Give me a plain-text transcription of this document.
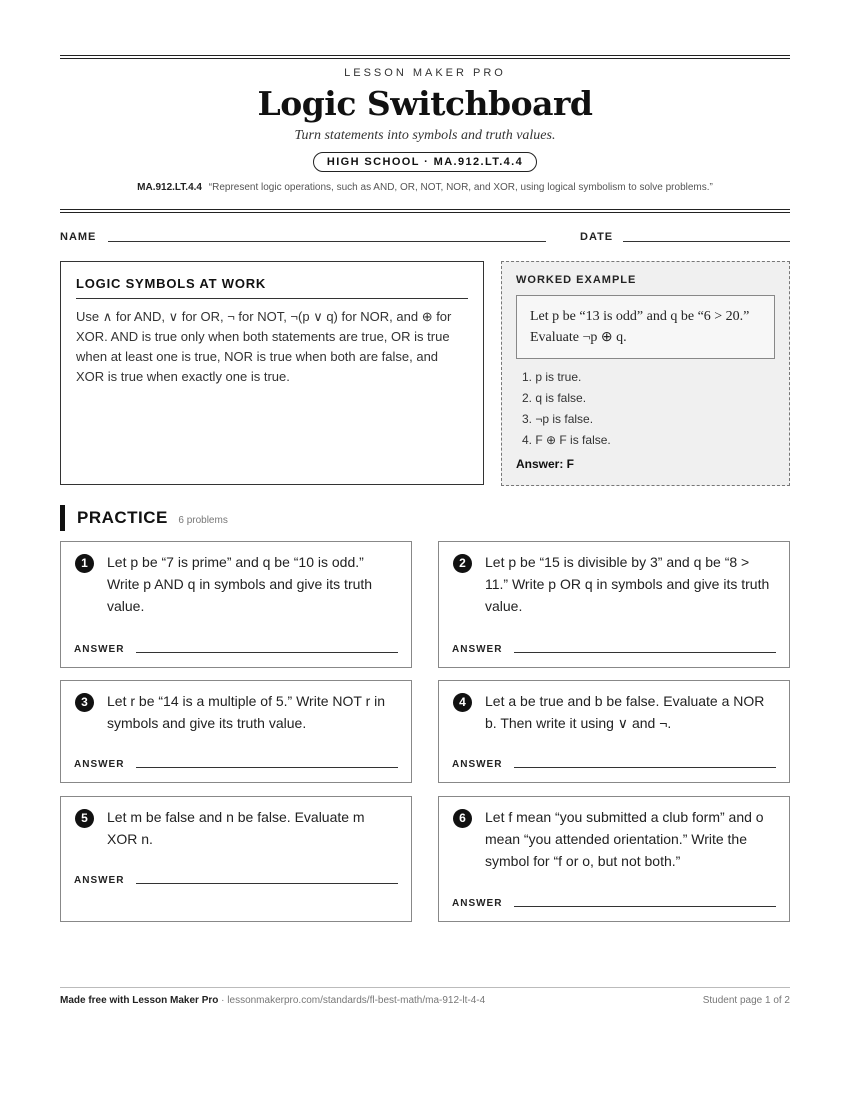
LESSON MAKER PRO
Logic Switchboard
Turn statements into symbols and truth values.
HIGH SCHOOL · MA.912.LT.4.4
MA.912.LT.4.4 “Represent logic operations, such as AND, OR, NOT, NOR, and XOR, using logical symbolism to solve problems.”
NAME	DATE
LOGIC SYMBOLS AT WORK

Use ∧ for AND, ∨ for OR, ¬ for NOT, ¬(p ∨ q) for NOR, and ⊕ for XOR. AND is true only when both statements are true, OR is true when at least one is true, NOR is true when both are false, and XOR is true when exactly one is true.

WORKED EXAMPLE
Let p be “13 is odd” and q be “6 > 20.” Evaluate ¬p ⊕ q.
1. p is true.
2. q is false.
3. ¬p is false.
4. F ⊕ F is false.
Answer: F
PRACTICE 6 problems
1	Let p be “7 is prime” and q be “10 is odd.” Write p AND q in symbols and give its truth value.
ANSWER
2	Let p be “15 is divisible by 3” and q be “8 > 11.” Write p OR q in symbols and give its truth value.
ANSWER
3	Let r be “14 is a multiple of 5.” Write NOT r in symbols and give its truth value.
ANSWER
4	Let a be true and b be false. Evaluate a NOR b. Then write it using ∨ and ¬.
ANSWER
5	Let m be false and n be false. Evaluate m XOR n.
ANSWER
6	Let f mean “you submitted a club form” and o mean “you attended orientation.” Write the symbol for “f or o, but not both.”
ANSWER
Made free with Lesson Maker Pro · lessonmakerpro.com/standards/fl-best-math/ma-912-lt-4-4	Student page 1 of 2
